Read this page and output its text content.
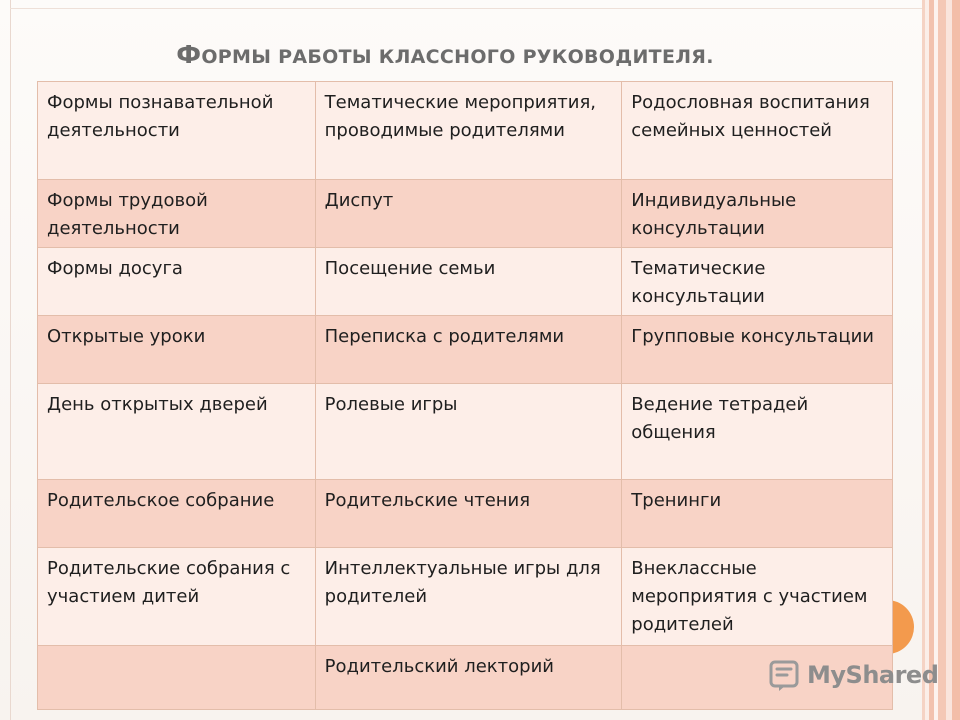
ФОРМЫ РАБОТЫ КЛАССНОГО РУКОВОДИТЕЛЯ.
Формы познавательной деятельности	Тематические мероприятия, проводимые родителями	Родословная воспитания семейных ценностей
Формы трудовой деятельности	Диспут	Индивидуальные консультации
Формы досуга	Посещение семьи	Тематические консультации
Открытые уроки	Переписка с родителями	Групповые консультации
День открытых дверей	Ролевые игры	Ведение тетрадей общения
Родительское собрание	Родительские чтения	Тренинги
Родительские собрания с участием дитей	Интеллектуальные игры для родителей	Внеклассные мероприятия с участием родителей
	Родительский лекторий		MyShared
